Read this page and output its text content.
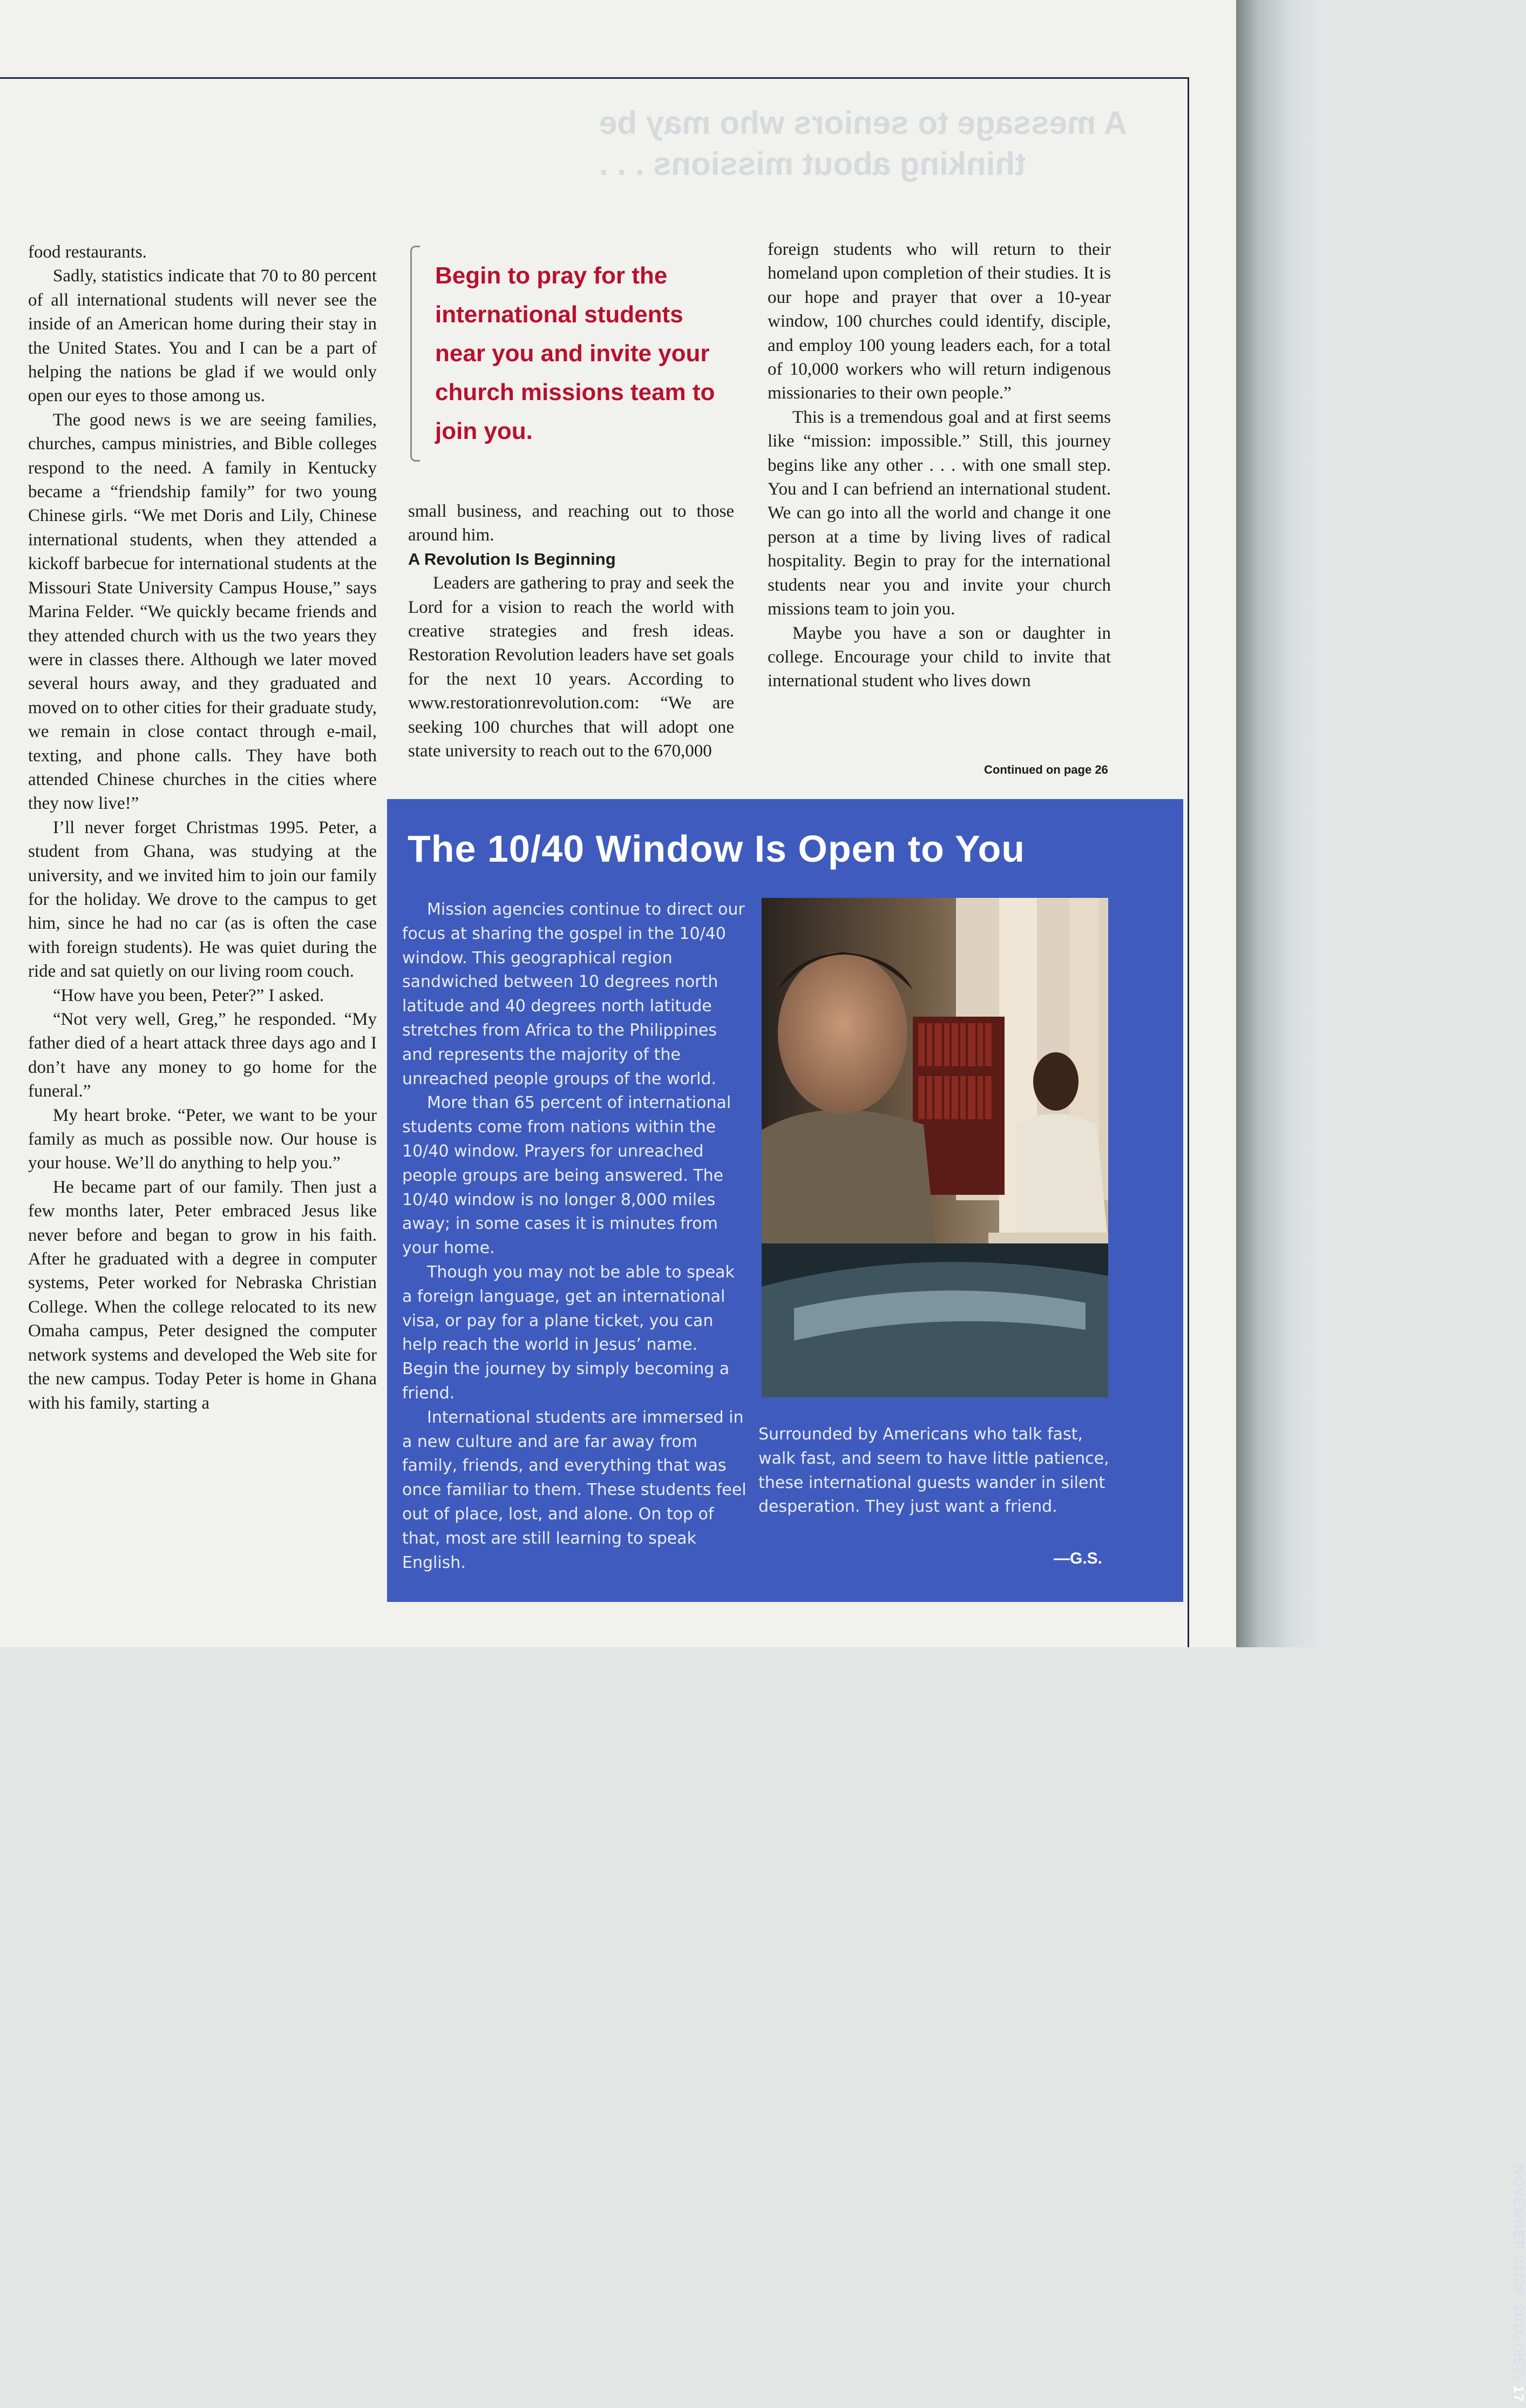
A message to seniors who may be thinking about missions . . .

food restaurants.

Sadly, statistics indicate that 70 to 80 percent of all international students will never see the inside of an American home during their stay in the United States. You and I can be a part of helping the nations be glad if we would only open our eyes to those among us.

The good news is we are seeing families, churches, campus ministries, and Bible colleges respond to the need. A family in Kentucky became a “friendship family” for two young Chinese girls. “We met Doris and Lily, Chinese international students, when they attended a kickoff barbecue for international students at the Missouri State University Campus House,” says Marina Felder. “We quickly became friends and they attended church with us the two years they were in classes there. Although we later moved several hours away, and they graduated and moved on to other cities for their graduate study, we remain in close contact through e-mail, texting, and phone calls. They have both attended Chinese churches in the cities where they now live!”

I’ll never forget Christmas 1995. Peter, a student from Ghana, was studying at the university, and we invited him to join our family for the holiday. We drove to the campus to get him, since he had no car (as is often the case with foreign students). He was quiet during the ride and sat quietly on our living room couch.

“How have you been, Peter?” I asked.

“Not very well, Greg,” he responded. “My father died of a heart attack three days ago and I don’t have any money to go home for the funeral.”

My heart broke. “Peter, we want to be your family as much as possible now. Our house is your house. We’ll do anything to help you.”

He became part of our family. Then just a few months later, Peter embraced Jesus like never before and began to grow in his faith. After he graduated with a degree in computer systems, Peter worked for Nebraska Christian College. When the college relocated to its new Omaha campus, Peter designed the computer network systems and developed the Web site for the new campus. Today Peter is home in Ghana with his family, starting a

Begin to pray for the international students near you and invite your church missions team to join you.

small business, and reaching out to those around him.

A Revolution Is Beginning

Leaders are gathering to pray and seek the Lord for a vision to reach the world with creative strategies and fresh ideas. Restoration Revolution leaders have set goals for the next 10 years. According to www.restorationrevolution.com: “We are seeking 100 churches that will adopt one state university to reach out to the 670,000

foreign students who will return to their homeland upon completion of their studies. It is our hope and prayer that over a 10-year window, 100 churches could identify, disciple, and employ 100 young leaders each, for a total of 10,000 workers who will return indigenous missionaries to their own people.”

This is a tremendous goal and at first seems like “mission: impossible.” Still, this journey begins like any other . . . with one small step. You and I can befriend an international student. We can go into all the world and change it one person at a time by living lives of radical hospitality. Begin to pray for the international students near you and invite your church missions team to join you.

Maybe you have a son or daughter in college. Encourage your child to invite that international student who lives down

Continued on page 26
The 10/40 Window Is Open to You

Mission agencies continue to direct our focus at sharing the gospel in the 10/40 window. This geographical region sandwiched between 10 degrees north latitude and 40 degrees north latitude stretches from Africa to the Philippines and represents the majority of the unreached people groups of the world.

More than 65 percent of international students come from nations within the 10/40 window. Prayers for unreached people groups are being answered. The 10/40 window is no longer 8,000 miles away; in some cases it is minutes from your home.

Though you may not be able to speak a foreign language, get an international visa, or pay for a plane ticket, you can help reach the world in Jesus’ name. Begin the journey by simply becoming a friend.

International students are immersed in a new culture and are far away from family, friends, and everything that was once familiar to them. These students feel out of place, lost, and alone. On top of that, most are still learning to speak English.

Surrounded by Americans who talk fast, walk fast, and seem to have little patience, these international guests wander in silent desperation. They just want a friend.
—G.S.
NOVEMBER 21/28, 2010 (857) 17
